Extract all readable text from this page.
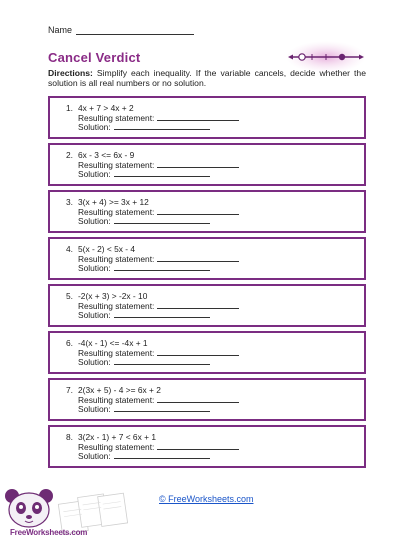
Name
Cancel Verdict
Directions: Simplify each inequality. If the variable cancels, decide whether the solution is all real numbers or no solution.
1. 4x + 7 > 4x + 2
Resulting statement:
Solution:
2. 6x - 3 <= 6x - 9
Resulting statement:
Solution:
3. 3(x + 4) >= 3x + 12
Resulting statement:
Solution:
4. 5(x - 2) < 5x - 4
Resulting statement:
Solution:
5. -2(x + 3) > -2x - 10
Resulting statement:
Solution:
6. -4(x - 1) <= -4x + 1
Resulting statement:
Solution:
7. 2(3x + 5) - 4 >= 6x + 2
Resulting statement:
Solution:
8. 3(2x - 1) + 7 < 6x + 1
Resulting statement:
Solution:
© FreeWorksheets.com
FreeWorksheets.com
